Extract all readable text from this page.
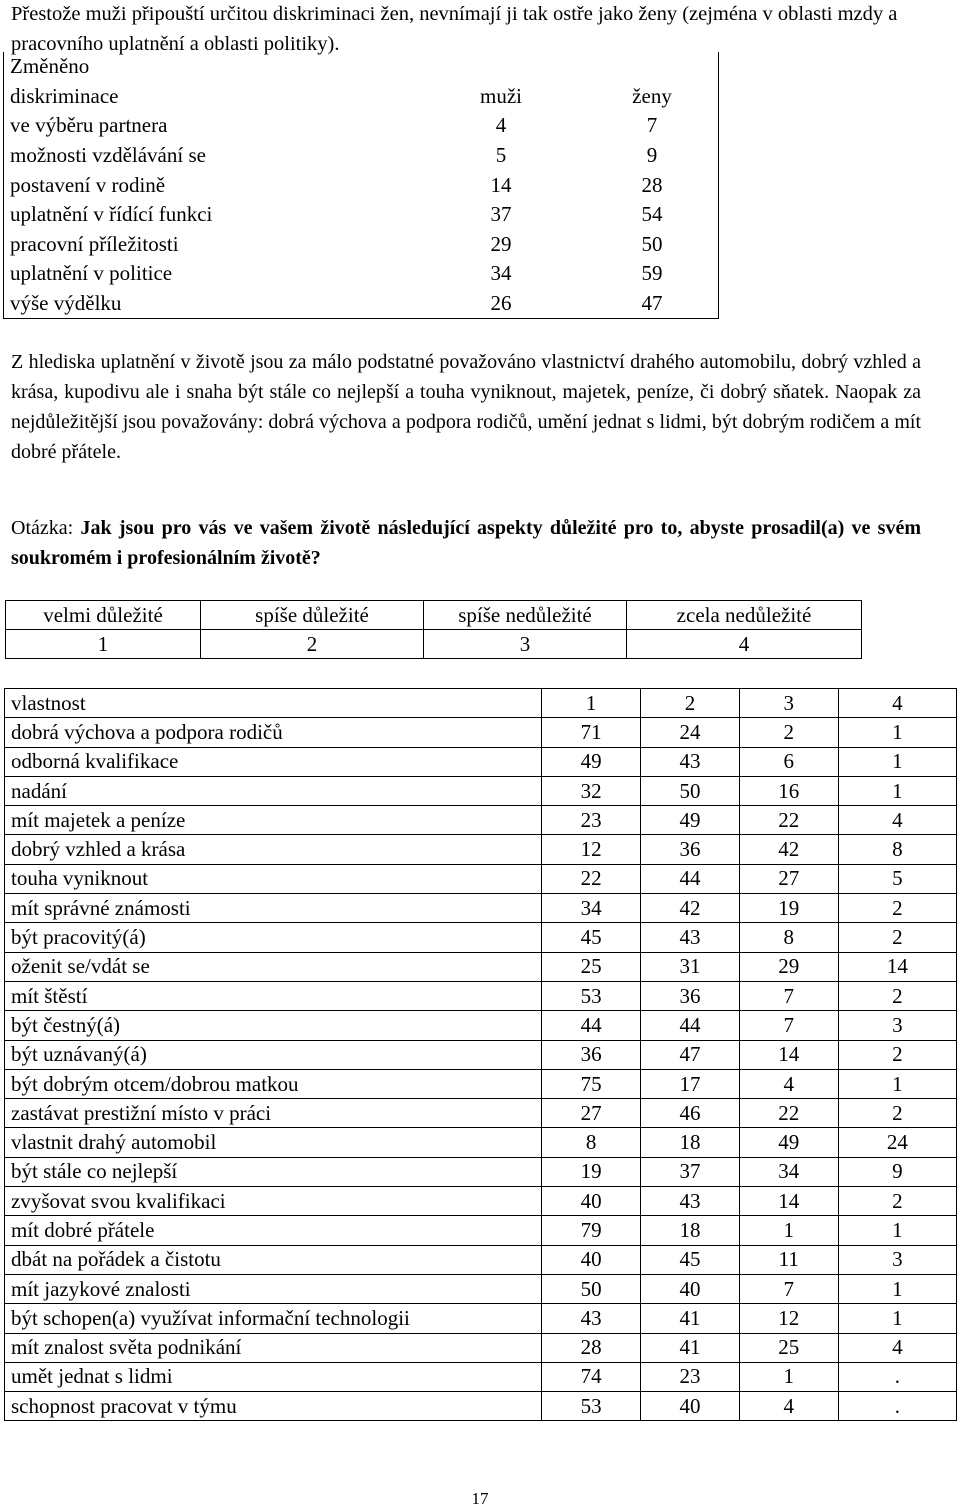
Přestože muži připouští určitou diskriminaci žen, nevnímají ji tak ostře jako ženy (zejména v oblasti mzdy a pracovního uplatnění a oblasti politiky).
Změněno		
diskriminace	muži	ženy
ve výběru partnera	4	7
možnosti vzdělávání se	5	9
postavení v rodině	14	28
uplatnění v řídící funkci	37	54
pracovní příležitosti	29	50
uplatnění v politice	34	59
výše výdělku	26	47
Z hlediska uplatnění v životě jsou za málo podstatné považováno vlastnictví drahého automobilu, dobrý vzhled a krása, kupodivu ale i snaha být stále co nejlepší a touha vyniknout, majetek, peníze, či dobrý sňatek. Naopak za nejdůležitější jsou považovány: dobrá výchova a podpora rodičů, umění jednat s lidmi, být dobrým rodičem a mít dobré přátele.
Otázka: Jak jsou pro vás ve vašem životě následující aspekty důležité pro to, abyste prosadil(a) ve svém soukromém i profesionálním životě?
velmi důležité	spíše důležité	spíše nedůležité	zcela nedůležité
1	2	3	4
vlastnost	1	2	3	4
dobrá výchova a podpora rodičů	71	24	2	1
odborná kvalifikace	49	43	6	1
nadání	32	50	16	1
mít majetek a peníze	23	49	22	4
dobrý vzhled a krása	12	36	42	8
touha vyniknout	22	44	27	5
mít správné známosti	34	42	19	2
být pracovitý(á)	45	43	8	2
oženit se/vdát se	25	31	29	14
mít štěstí	53	36	7	2
být čestný(á)	44	44	7	3
být uznávaný(á)	36	47	14	2
být dobrým otcem/dobrou matkou	75	17	4	1
zastávat prestižní místo v práci	27	46	22	2
vlastnit drahý automobil	8	18	49	24
být stále co nejlepší	19	37	34	9
zvyšovat svou kvalifikaci	40	43	14	2
mít dobré přátele	79	18	1	1
dbát na pořádek a čistotu	40	45	11	3
mít jazykové znalosti	50	40	7	1
být schopen(a) využívat informační technologii	43	41	12	1
mít znalost světa podnikání	28	41	25	4
umět jednat s lidmi	74	23	1	.
schopnost pracovat v týmu	53	40	4	.
17
